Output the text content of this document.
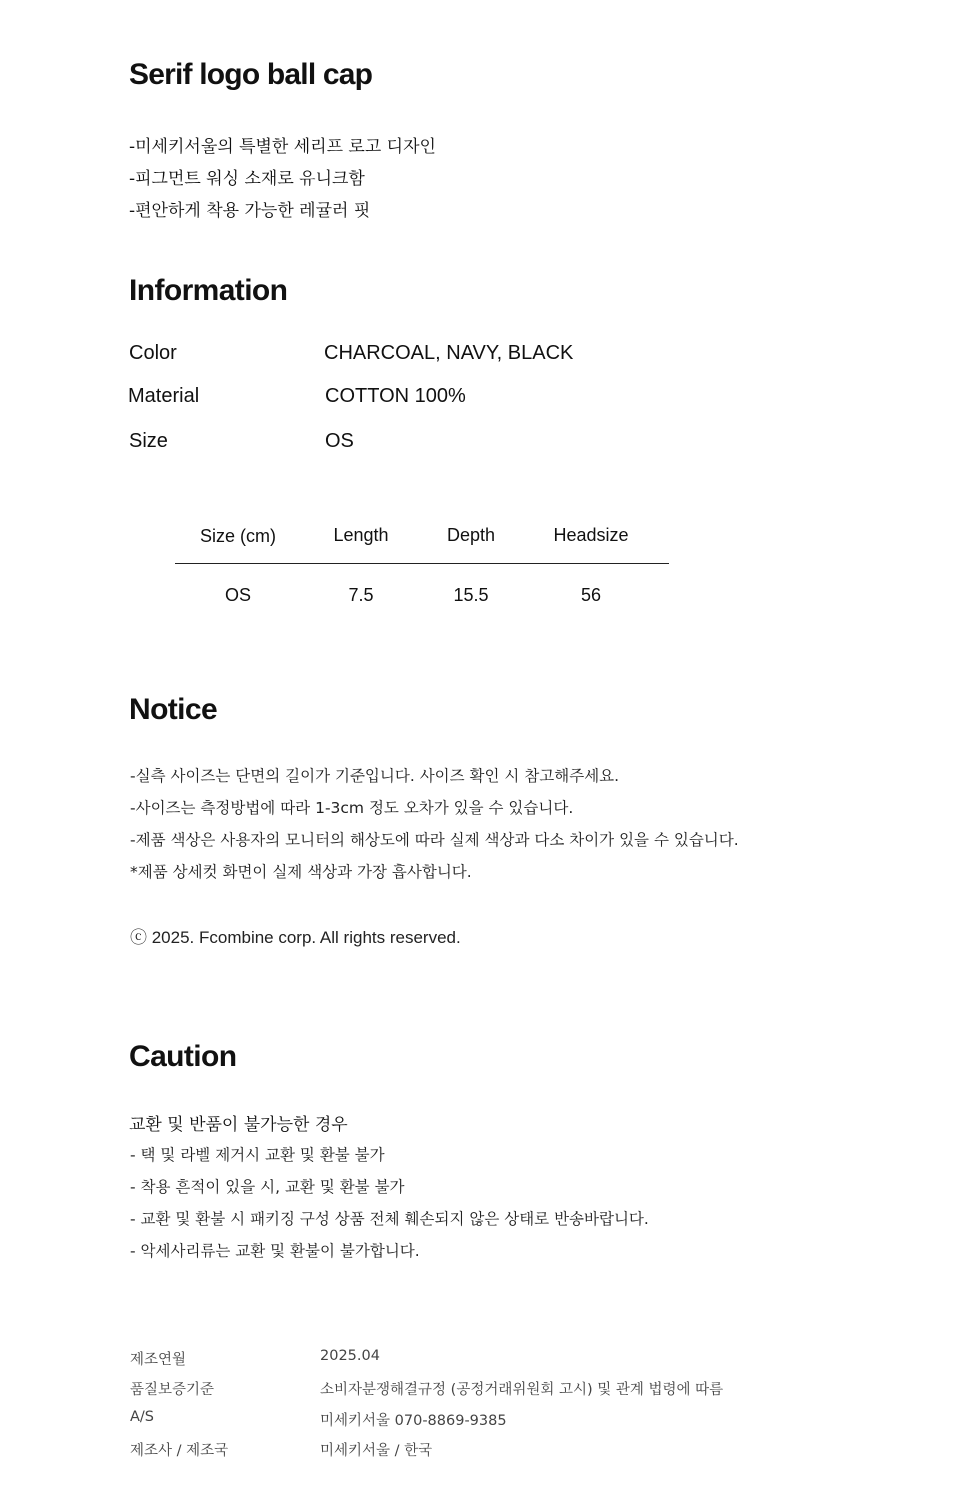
Serif logo ball cap
-미세키서울의 특별한 세리프 로고 디자인
-피그먼트 워싱 소재로 유니크함
-편안하게 착용 가능한 레귤러 핏
Information
Color	CHARCOAL, NAVY, BLACK
Material	COTTON 100%
Size	OS
Size (cm)	Length	Depth	Headsize
OS	7.5	15.5	56
Notice
-실측 사이즈는 단면의 길이가 기준입니다. 사이즈 확인 시 참고해주세요.
-사이즈는 측정방법에 따라 1-3cm 정도 오차가 있을 수 있습니다.
-제품 색상은 사용자의 모니터의 해상도에 따라 실제 색상과 다소 차이가 있을 수 있습니다.
*제품 상세컷 화면이 실제 색상과 가장 흡사합니다.
ⓒ 2025. Fcombine corp. All rights reserved.
Caution
교환 및 반품이 불가능한 경우
- 택 및 라벨 제거시 교환 및 환불 불가
- 착용 흔적이 있을 시, 교환 및 환불 불가
- 교환 및 환불 시 패키징 구성 상품 전체 훼손되지 않은 상태로 반송바랍니다.
- 악세사리류는 교환 및 환불이 불가합니다.
제조연월	2025.04
품질보증기준	소비자분쟁해결규정 (공정거래위원회 고시) 및 관계 법령에 따름
A/S	미세키서울 070-8869-9385
제조사 / 제조국	미세키서울 / 한국
